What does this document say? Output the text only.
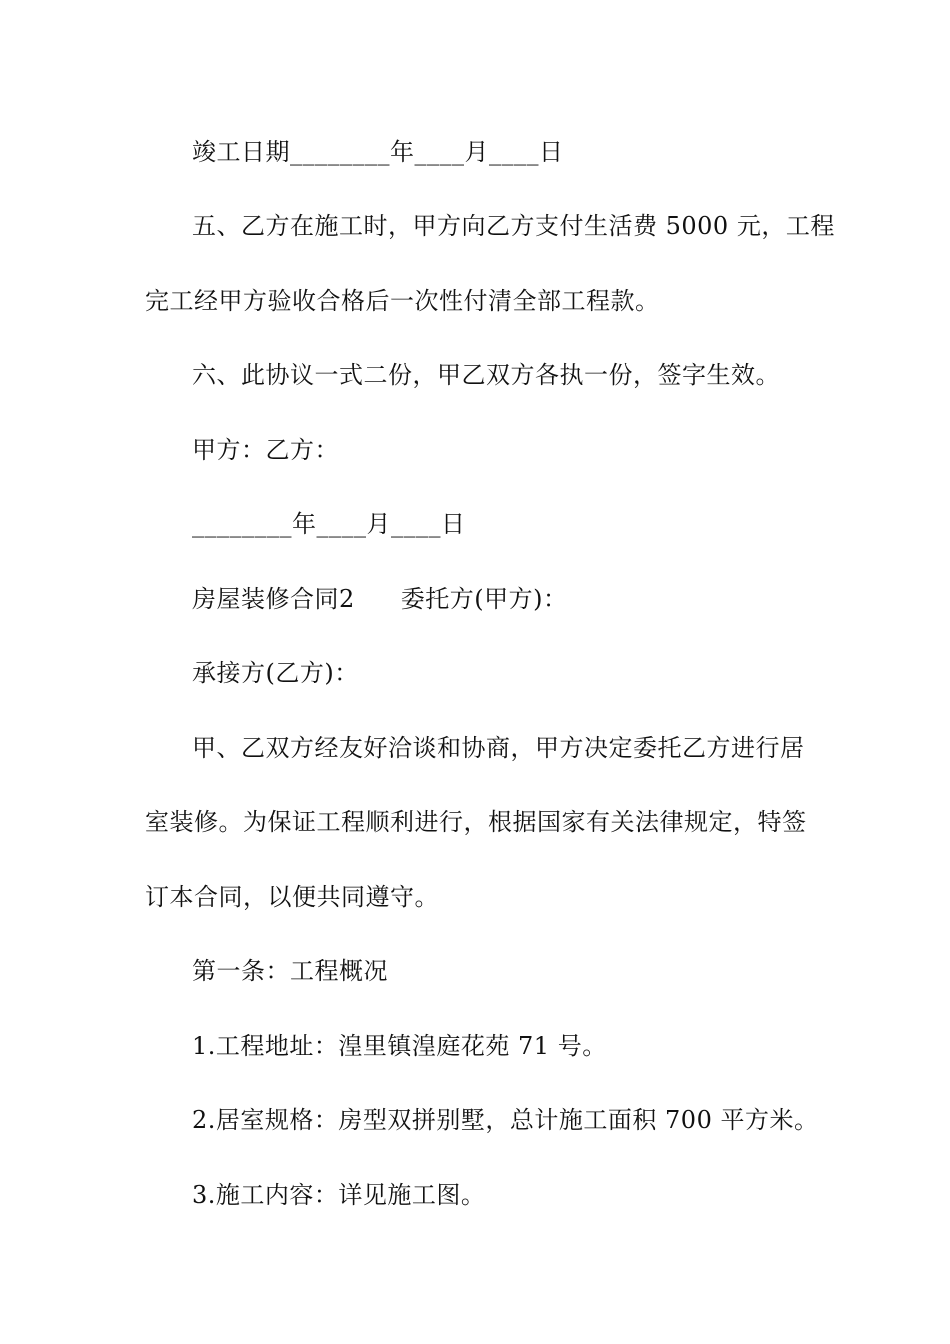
竣工日期________年____月____日
五、乙方在施工时，甲方向乙方支付生活费 5000 元，工程
完工经甲方验收合格后一次性付清全部工程款。
六、此协议一式二份，甲乙双方各执一份，签字生效。
甲方：乙方：
________年____月____日
房屋装修合同2 委托方(甲方)：
承接方(乙方)：
甲、乙双方经友好洽谈和协商，甲方决定委托乙方进行居
室装修。为保证工程顺利进行，根据国家有关法律规定，特签
订本合同，以便共同遵守。
第一条：工程概况
1.工程地址：湟里镇湟庭花苑 71 号。
2.居室规格：房型双拼别墅，总计施工面积 700 平方米。
3.施工内容：详见施工图。
